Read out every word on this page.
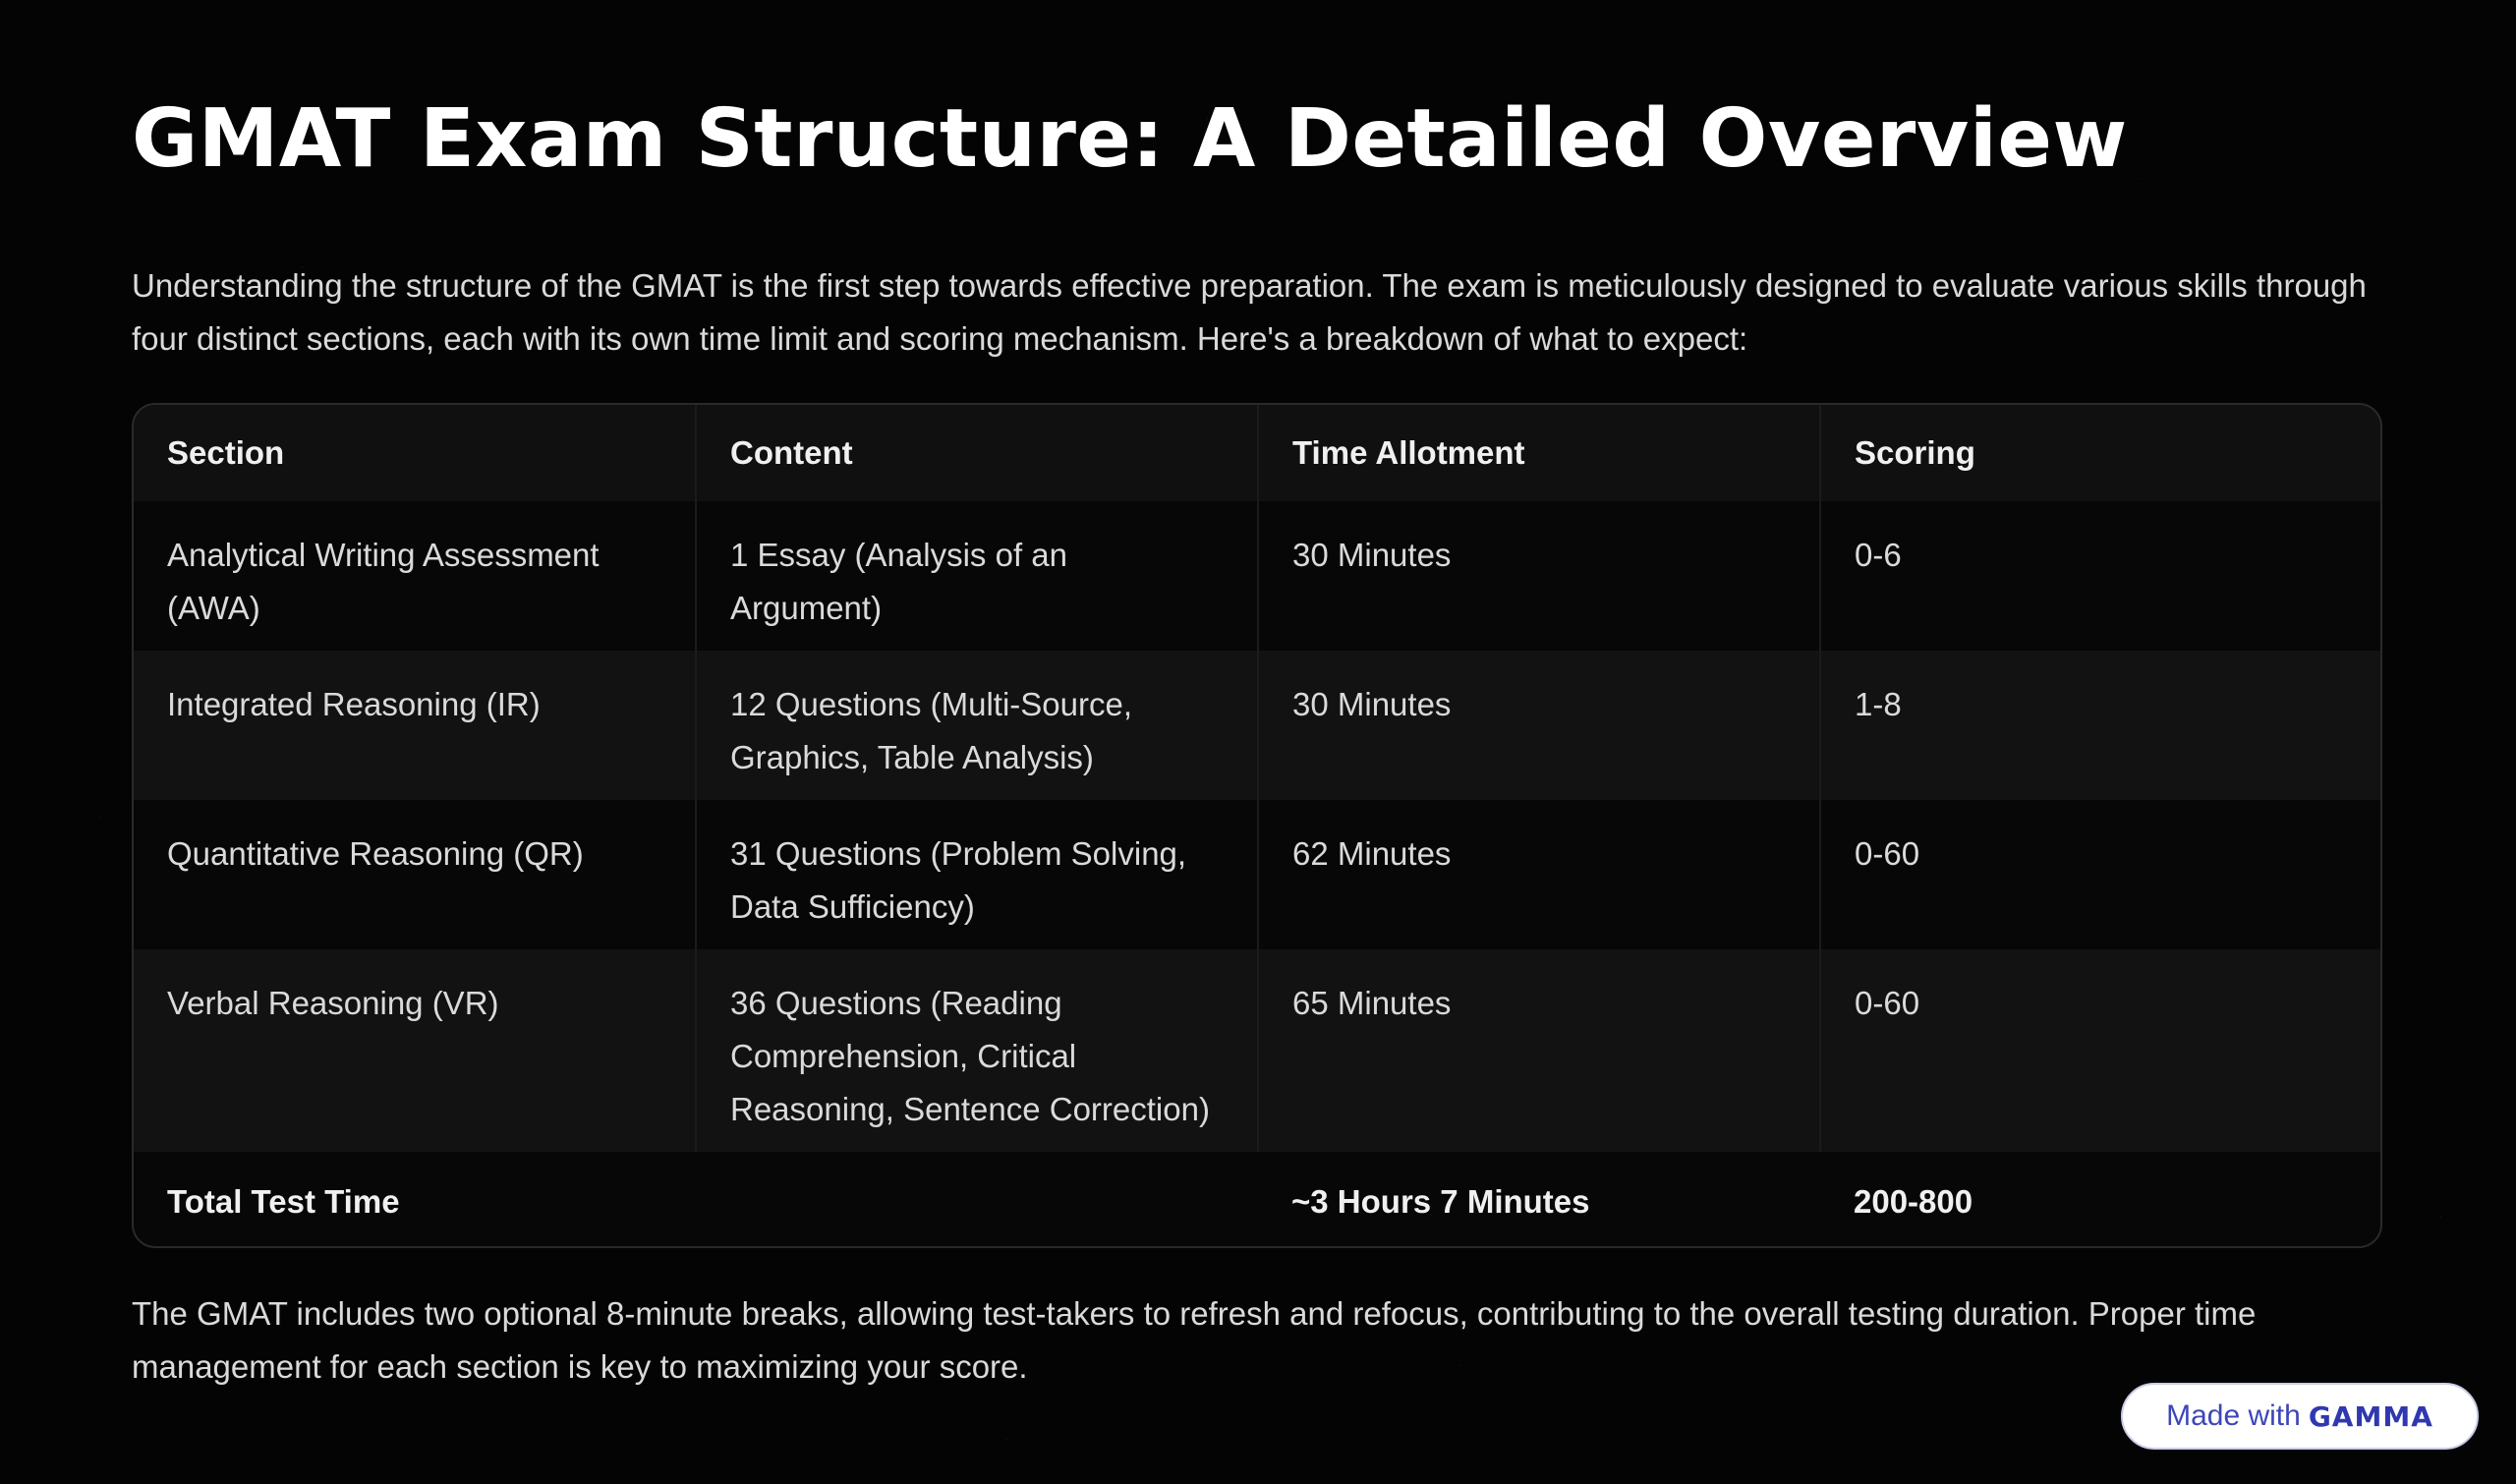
GMAT Exam Structure: A Detailed Overview

Understanding the structure of the GMAT is the first step towards effective preparation. The exam is meticulously designed to evaluate various skills through four distinct sections, each with its own time limit and scoring mechanism. Here's a breakdown of what to expect:

Section	Content	Time Allotment	Scoring
Analytical Writing Assessment (AWA)	1 Essay (Analysis of an Argument)	30 Minutes	0-6
Integrated Reasoning (IR)	12 Questions (Multi-Source, Graphics, Table Analysis)	30 Minutes	1-8
Quantitative Reasoning (QR)	31 Questions (Problem Solving, Data Sufficiency)	62 Minutes	0-60
Verbal Reasoning (VR)	36 Questions (Reading Comprehension, Critical Reasoning, Sentence Correction)	65 Minutes	0-60
Total Test Time		~3 Hours 7 Minutes	200-800

The GMAT includes two optional 8-minute breaks, allowing test-takers to refresh and refocus, contributing to the overall testing duration. Proper time management for each section is key to maximizing your score.

Made with GAMMA
